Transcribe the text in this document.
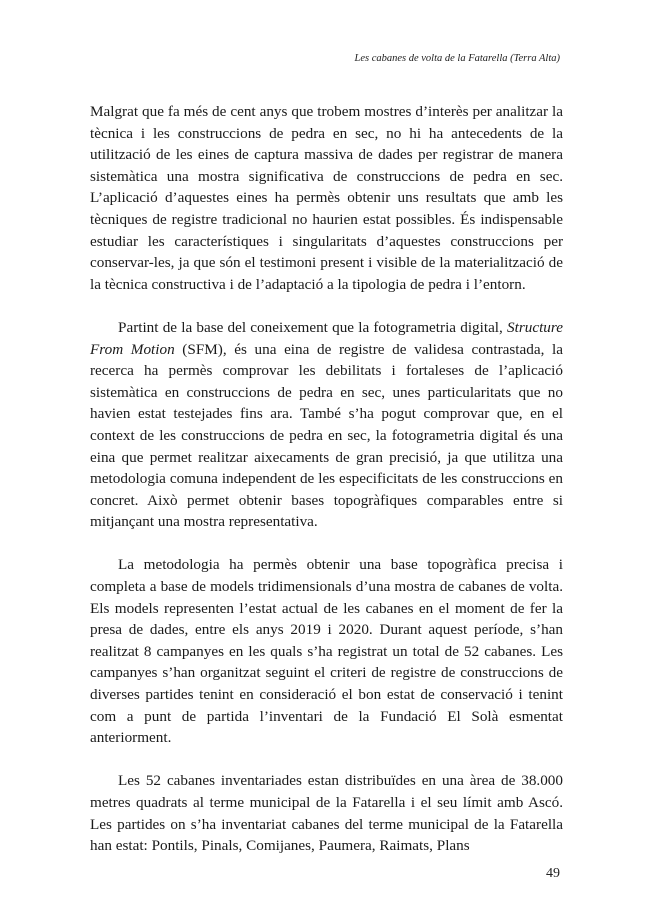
Les cabanes de volta de la Fatarella (Terra Alta)

Malgrat que fa més de cent anys que trobem mostres d’interès per analitzar la tècnica i les construccions de pedra en sec, no hi ha antecedents de la utilització de les eines de captura massiva de dades per registrar de manera sistemàtica una mostra significativa de construccions de pedra en sec. L’aplicació d’aquestes eines ha permès obtenir uns resultats que amb les tècniques de registre tradicional no haurien estat possibles. És indispensable estudiar les característiques i singularitats d’aquestes construccions per conservar-les, ja que són el testimoni present i visible de la materialització de la tècnica constructiva i de l’adaptació a la tipologia de pedra i l’entorn.

Partint de la base del coneixement que la fotogrametria digital, Structure From Motion (SFM), és una eina de registre de validesa contrastada, la recerca ha permès comprovar les debilitats i fortaleses de l’aplicació sistemàtica en construccions de pedra en sec, unes particularitats que no havien estat testejades fins ara. També s’ha pogut comprovar que, en el context de les construccions de pedra en sec, la fotogrametria digital és una eina que permet realitzar aixecaments de gran precisió, ja que utilitza una metodologia comuna independent de les especificitats de les construccions en concret. Això permet obtenir bases topogràfiques comparables entre si mitjançant una mostra representativa.

La metodologia ha permès obtenir una base topogràfica precisa i completa a base de models tridimensionals d’una mostra de cabanes de volta. Els models representen l’estat actual de les cabanes en el moment de fer la presa de dades, entre els anys 2019 i 2020. Durant aquest període, s’han realitzat 8 campanyes en les quals s’ha registrat un total de 52 cabanes. Les campanyes s’han organitzat seguint el criteri de registre de construccions de diverses partides tenint en consideració el bon estat de conservació i tenint com a punt de partida l’inventari de la Fundació El Solà esmentat anteriorment.

Les 52 cabanes inventariades estan distribuïdes en una àrea de 38.000 metres quadrats al terme municipal de la Fatarella i el seu límit amb Ascó. Les partides on s’ha inventariat cabanes del terme municipal de la Fatarella han estat: Pontils, Pinals, Comijanes, Paumera, Raimats, Plans

49
